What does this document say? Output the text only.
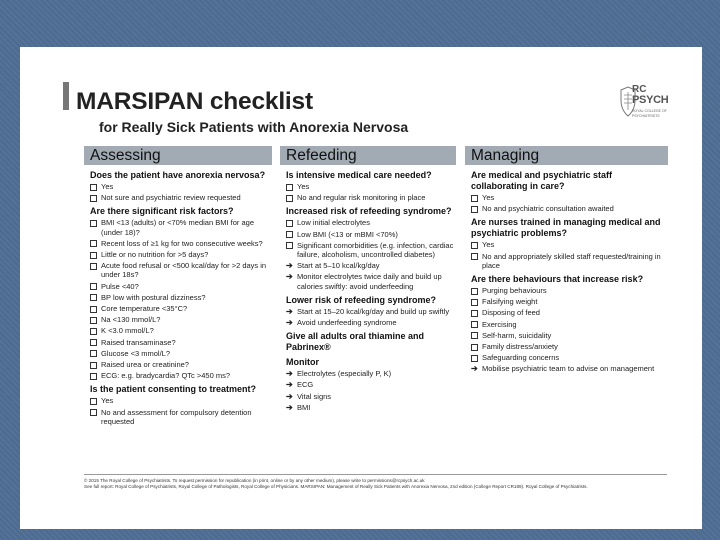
MARSIPAN checklist
for Really Sick Patients with Anorexia Nervosa
RC
PSYCH
ROYAL COLLEGE OF PSYCHIATRISTS
Assessing
Does the patient have anorexia nervosa?
Yes
Not sure and psychiatric review requested
Are there significant risk factors?
BMI <13 (adults) or <70% median BMI for age (under 18)?
Recent loss of ≥1 kg for two consecutive weeks?
Little or no nutrition for >5 days?
Acute food refusal or <500 kcal/day for >2 days in under 18s?
Pulse <40?
BP low with postural dizziness?
Core temperature <35°C?
Na <130 mmol/L?
K <3.0 mmol/L?
Raised transaminase?
Glucose <3 mmol/L?
Raised urea or creatinine?
ECG: e.g. bradycardia? QTc >450 ms?
Is the patient consenting to treatment?
Yes
No and assessment for compulsory detention requested
Refeeding
Is intensive medical care needed?
Yes
No and regular risk monitoring in place
Increased risk of refeeding syndrome?
Low initial electrolytes
Low BMI (<13 or mBMI <70%)
Significant comorbidities (e.g. infection, cardiac failure, alcoholism, uncontrolled diabetes)
➔ Start at 5–10 kcal/kg/day
➔ Monitor electrolytes twice daily and build up calories swiftly: avoid underfeeding
Lower risk of refeeding syndrome?
➔ Start at 15–20 kcal/kg/day and build up swiftly
➔ Avoid underfeeding syndrome
Give all adults oral thiamine and Pabrinex®
Monitor
➔ Electrolytes (especially P, K)
➔ ECG
➔ Vital signs
➔ BMI
Managing
Are medical and psychiatric staff collaborating in care?
Yes
No and psychiatric consultation awaited
Are nurses trained in managing medical and psychiatric problems?
Yes
No and appropriately skilled staff requested/training in place
Are there behaviours that increase risk?
Purging behaviours
Falsifying weight
Disposing of feed
Exercising
Self-harm, suicidality
Family distress/anxiety
Safeguarding concerns
➔ Mobilise psychiatric team to advise on management
© 2015 The Royal College of Psychiatrists. To request permission for republication (in print, online or by any other medium), please write to permissions@rcpsych.ac.uk
See full report: Royal College of Psychiatrists, Royal College of Pathologists, Royal College of Physicians. MARSIPAN: Management of Really Sick Patients with Anorexia Nervosa, 2nd edition (College Report CR189). Royal College of Psychiatrists.
